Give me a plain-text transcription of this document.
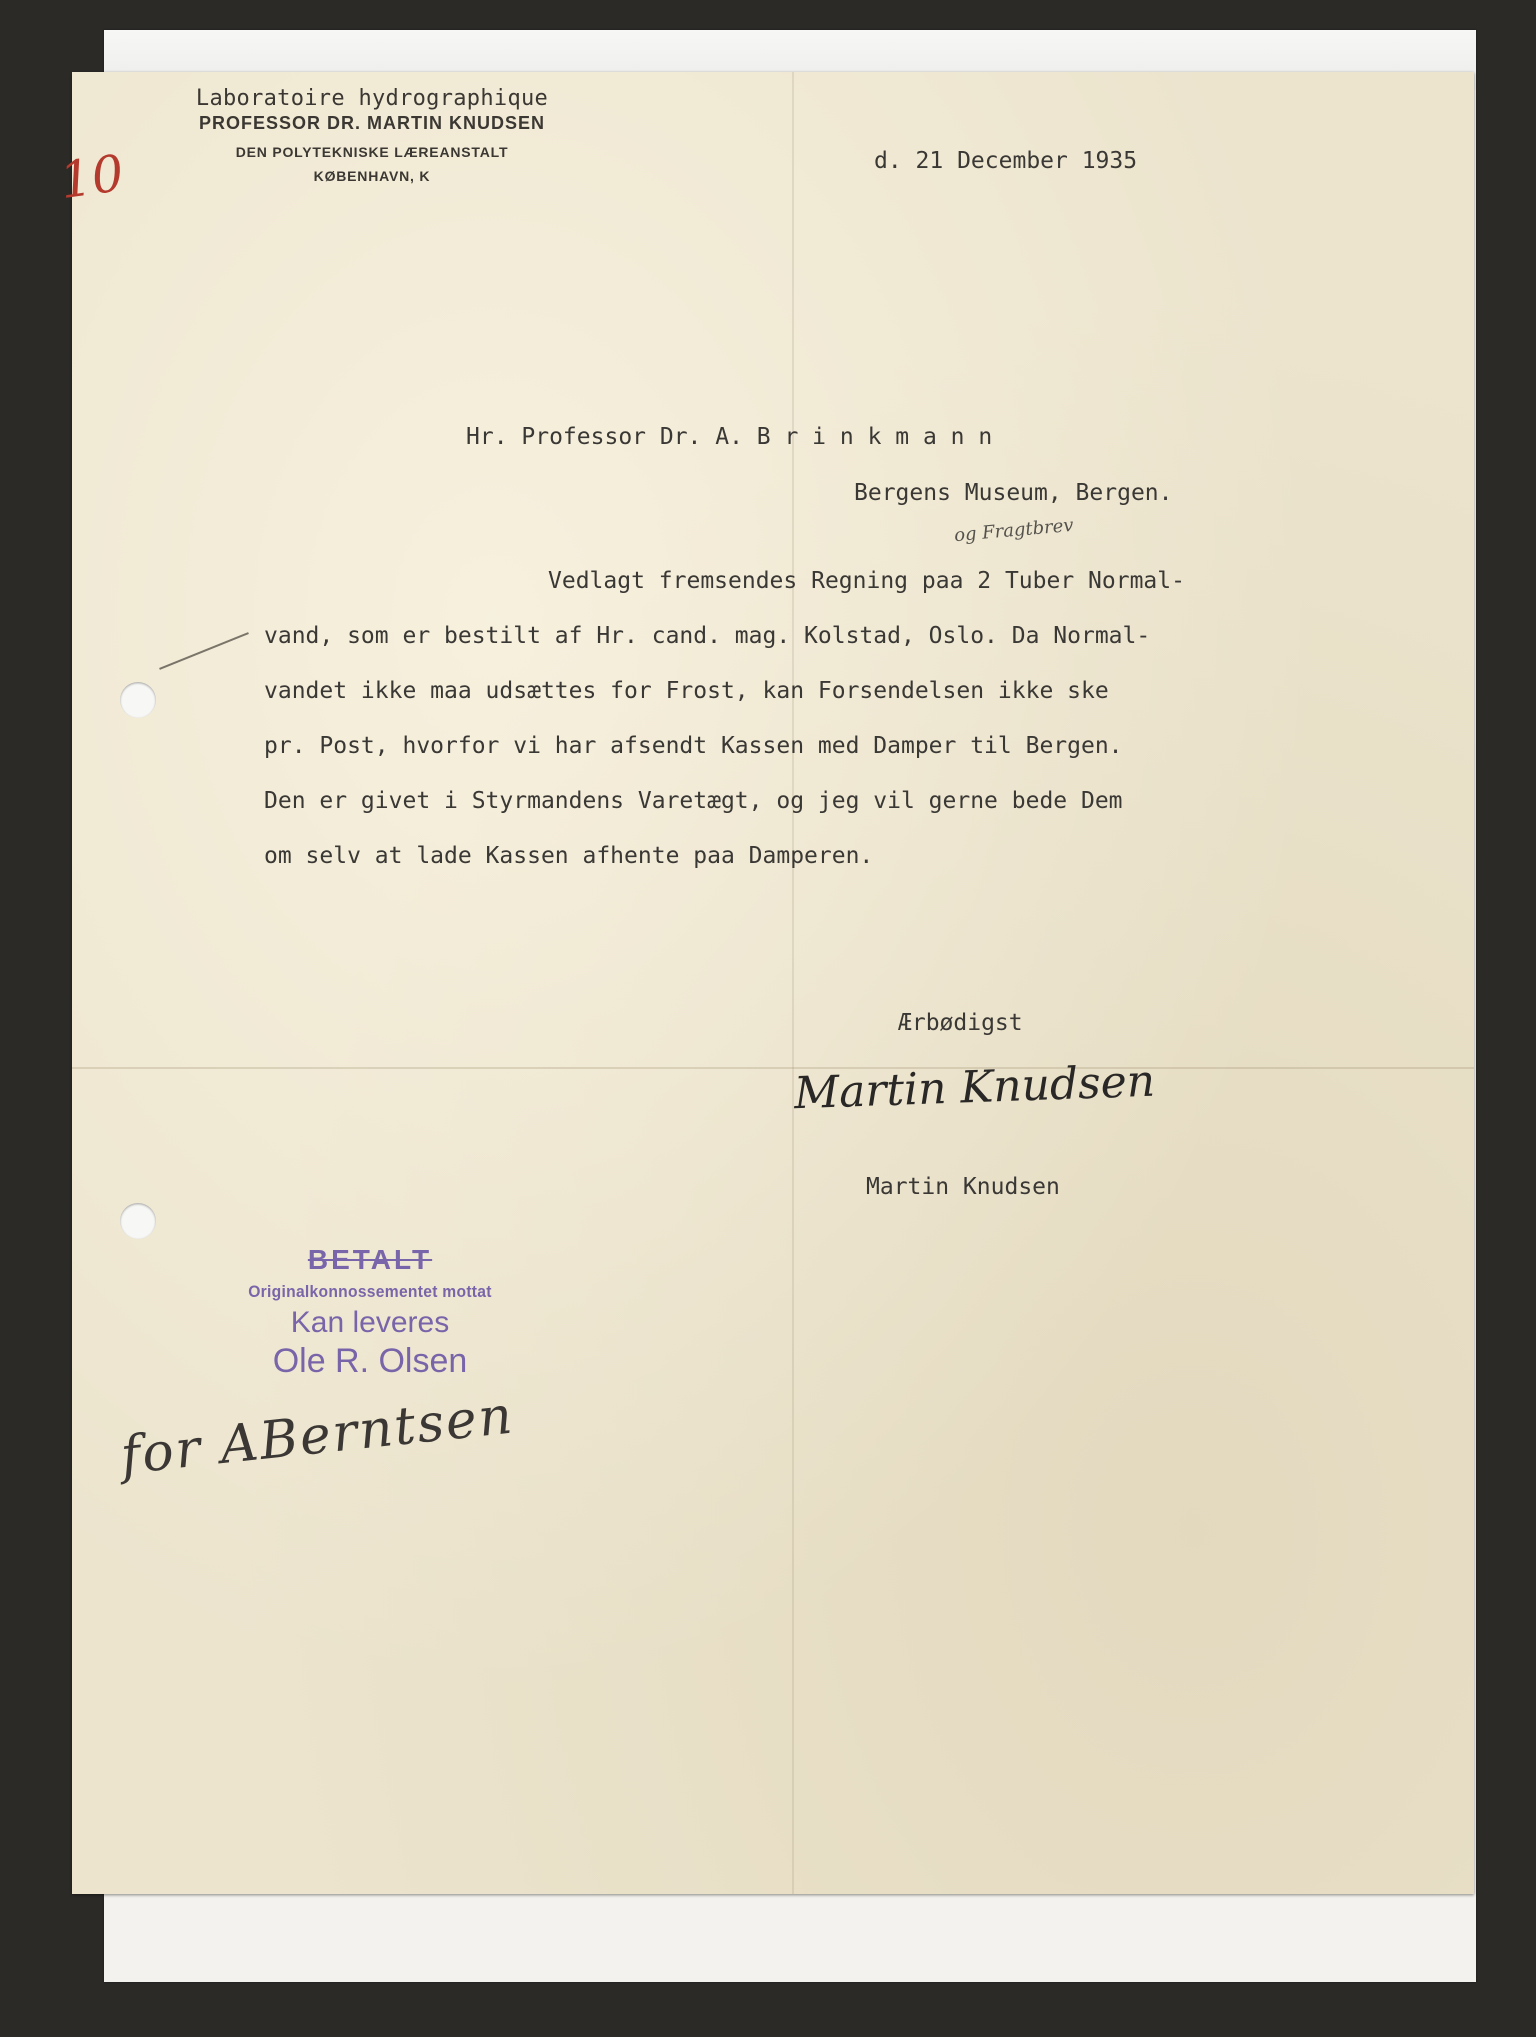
Laboratoire hydrographique
PROFESSOR DR. MARTIN KNUDSEN
DEN POLYTEKNISKE LÆREANSTALT
KØBENHAVN, K
10	d. 21 December 1935
Hr. Professor Dr. A. B r i n k m a n n
Bergens Museum, Bergen.
og Fragtbrev
Vedlagt fremsendes Regning paa 2 Tuber Normal-
vand, som er bestilt af Hr. cand. mag. Kolstad, Oslo. Da Normal-
vandet ikke maa udsættes for Frost, kan Forsendelsen ikke ske
pr. Post, hvorfor vi har afsendt Kassen med Damper til Bergen.
Den er givet i Styrmandens Varetægt, og jeg vil gerne bede Dem
om selv at lade Kassen afhente paa Damperen.
Ærbødigst
Martin Knudsen
Martin Knudsen
BETALT
Originalkonnossementet mottat
Kan leveres
Ole R. Olsen
for ABerntsen
